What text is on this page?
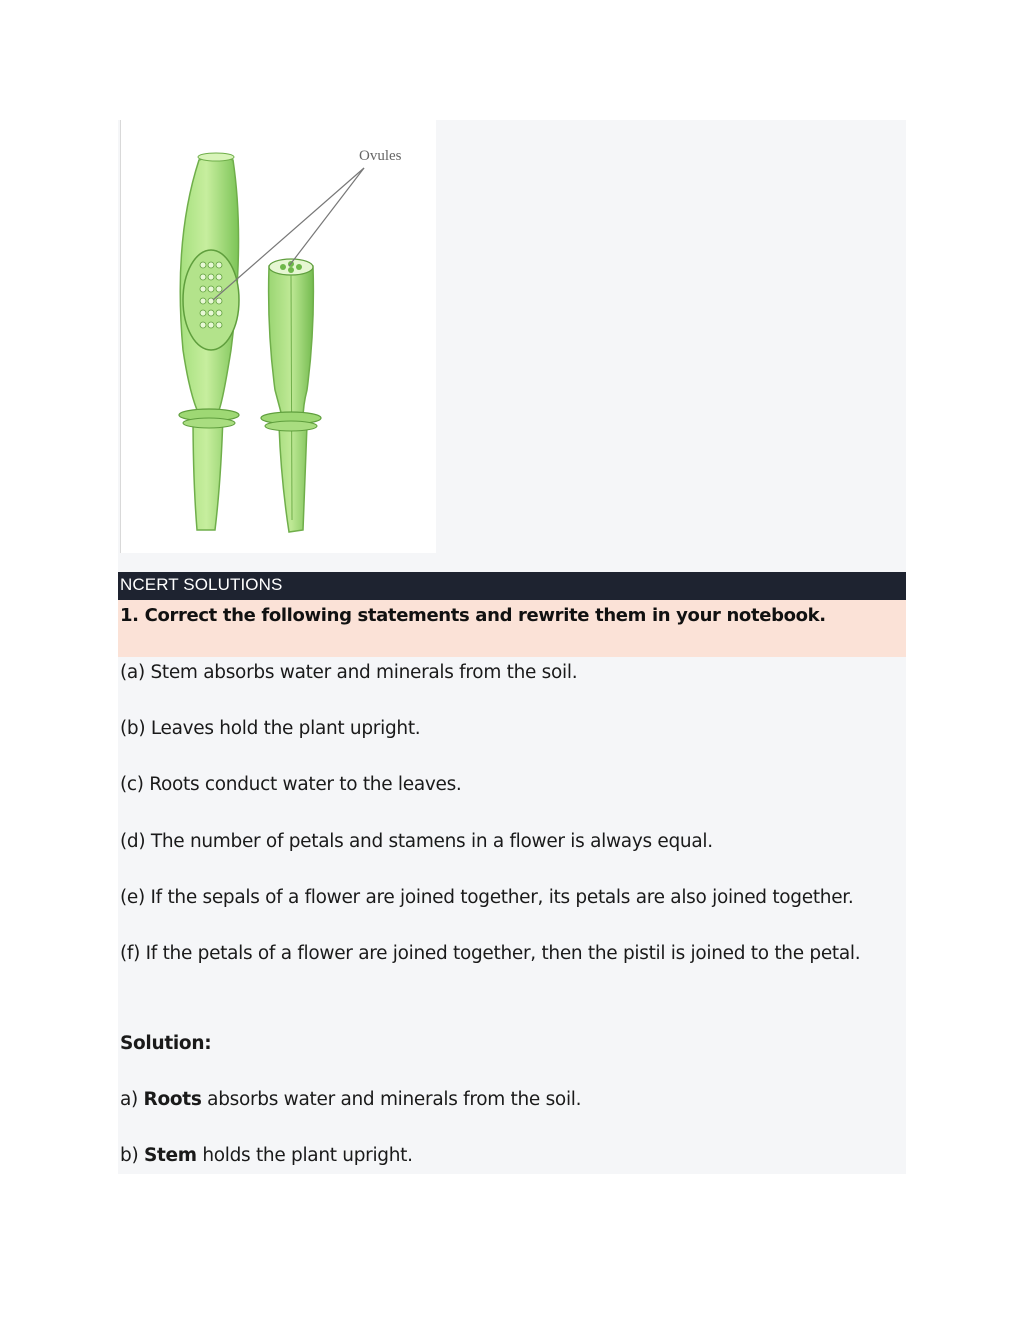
Ovules
NCERT SOLUTIONS
1. Correct the following statements and rewrite them in your notebook.
(a) Stem absorbs water and minerals from the soil.
(b) Leaves hold the plant upright.
(c) Roots conduct water to the leaves.
(d) The number of petals and stamens in a flower is always equal.
(e) If the sepals of a flower are joined together, its petals are also joined together.
(f) If the petals of a flower are joined together, then the pistil is joined to the petal.
Solution:
a) Roots absorbs water and minerals from the soil.
b) Stem holds the plant upright.
